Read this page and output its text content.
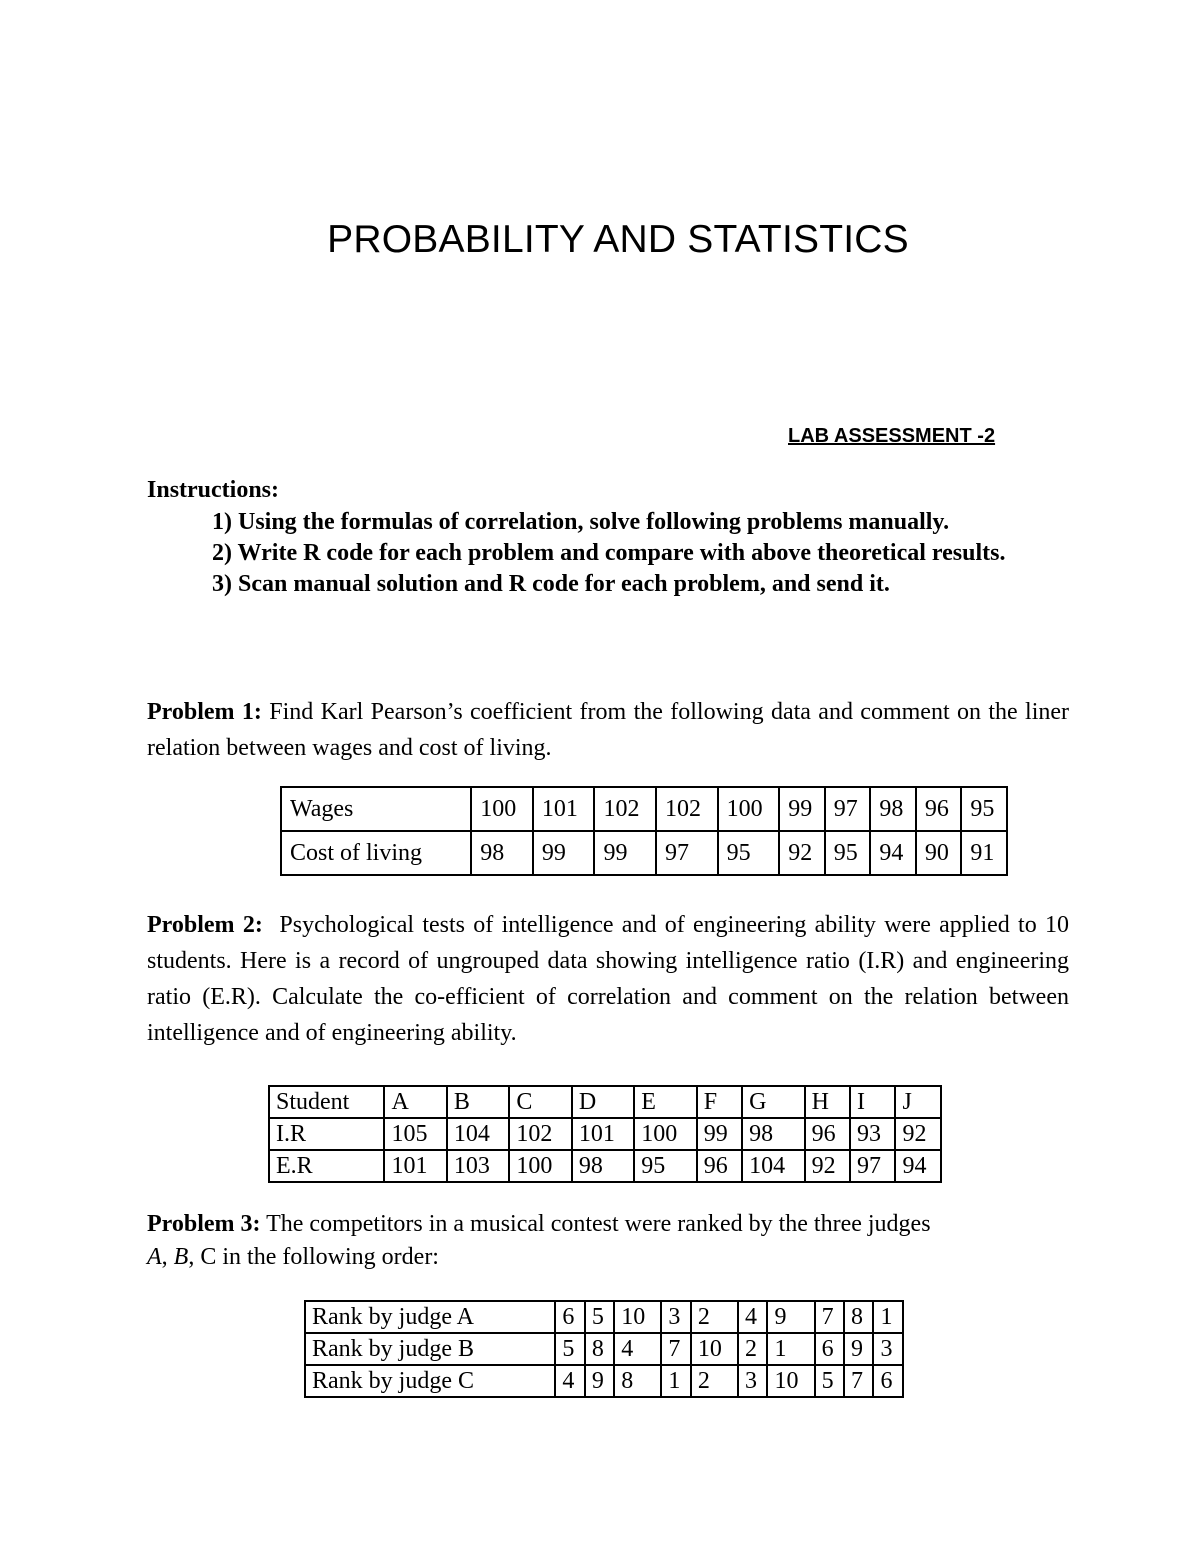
PROBABILITY AND STATISTICS
LAB ASSESSMENT -2
Instructions:

1) Using the formulas of correlation, solve following problems manually.

2) Write R code for each problem and compare with above theoretical results.

3) Scan manual solution and R code for each problem, and send it.

Problem 1: Find Karl Pearson’s coefficient from the following data and comment on the liner relation between wages and cost of living.

Wages	100	101	102	102	100	99	97	98	96	95
Cost of living	98	99	99	97	95	92	95	94	90	91

Problem 2: Psychological tests of intelligence and of engineering ability were applied to 10 students. Here is a record of ungrouped data showing intelligence ratio (I.R) and engineering ratio (E.R). Calculate the co-efficient of correlation and comment on the relation between intelligence and of engineering ability.

Student	A	B	C	D	E	F	G	H	I	J
I.R	105	104	102	101	100	99	98	96	93	92
E.R	101	103	100	98	95	96	104	92	97	94

Problem 3: The competitors in a musical contest were ranked by the three judges
A, B, C in the following order:

Rank by judge A	6	5	10	3	2	4	9	7	8	1
Rank by judge B	5	8	4	7	10	2	1	6	9	3
Rank by judge C	4	9	8	1	2	3	10	5	7	6
